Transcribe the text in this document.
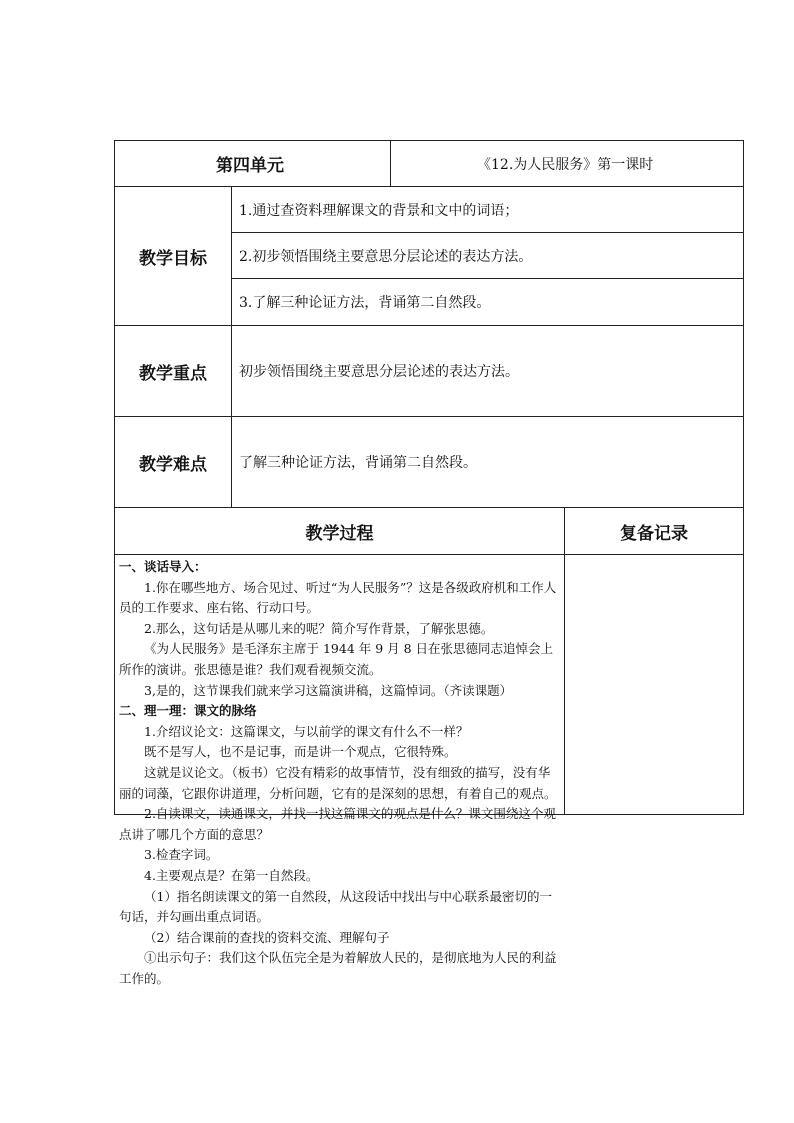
第四单元	《12.为人民服务》第一课时
教学目标
1.通过查资料理解课文的背景和文中的词语；
2.初步领悟围绕主要意思分层论述的表达方法。
3.了解三种论证方法，背诵第二自然段。
教学重点 初步领悟围绕主要意思分层论述的表达方法。
教学难点 了解三种论证方法，背诵第二自然段。
教学过程	复备记录

一、谈话导入：

1.你在哪些地方、场合见过、听过“为人民服务”？这是各级政府机和工作人员的工作要求、座右铭、行动口号。

2.那么，这句话是从哪儿来的呢？简介写作背景，了解张思德。

《为人民服务》是毛泽东主席于 1944 年 9 月 8 日在张思德同志追悼会上所作的演讲。张思德是谁？我们观看视频交流。

3,是的，这节课我们就来学习这篇演讲稿，这篇悼词。（齐读课题）

二、理一理：课文的脉络

1.介绍议论文：这篇课文，与以前学的课文有什么不一样？

既不是写人，也不是记事，而是讲一个观点，它很特殊。

这就是议论文。（板书）它没有精彩的故事情节，没有细致的描写，没有华丽的词藻，它跟你讲道理，分析问题，它有的是深刻的思想，有着自己的观点。

2.自读课文，读通课文，并找一找这篇课文的观点是什么？课文围绕这个观点讲了哪几个方面的意思？

3.检查字词。

4.主要观点是？在第一自然段。

（1）指名朗读课文的第一自然段，从这段话中找出与中心联系最密切的一句话，并勾画出重点词语。

（2）结合课前的查找的资料交流、理解句子

①出示句子：我们这个队伍完全是为着解放人民的，是彻底地为人民的利益工作的。
